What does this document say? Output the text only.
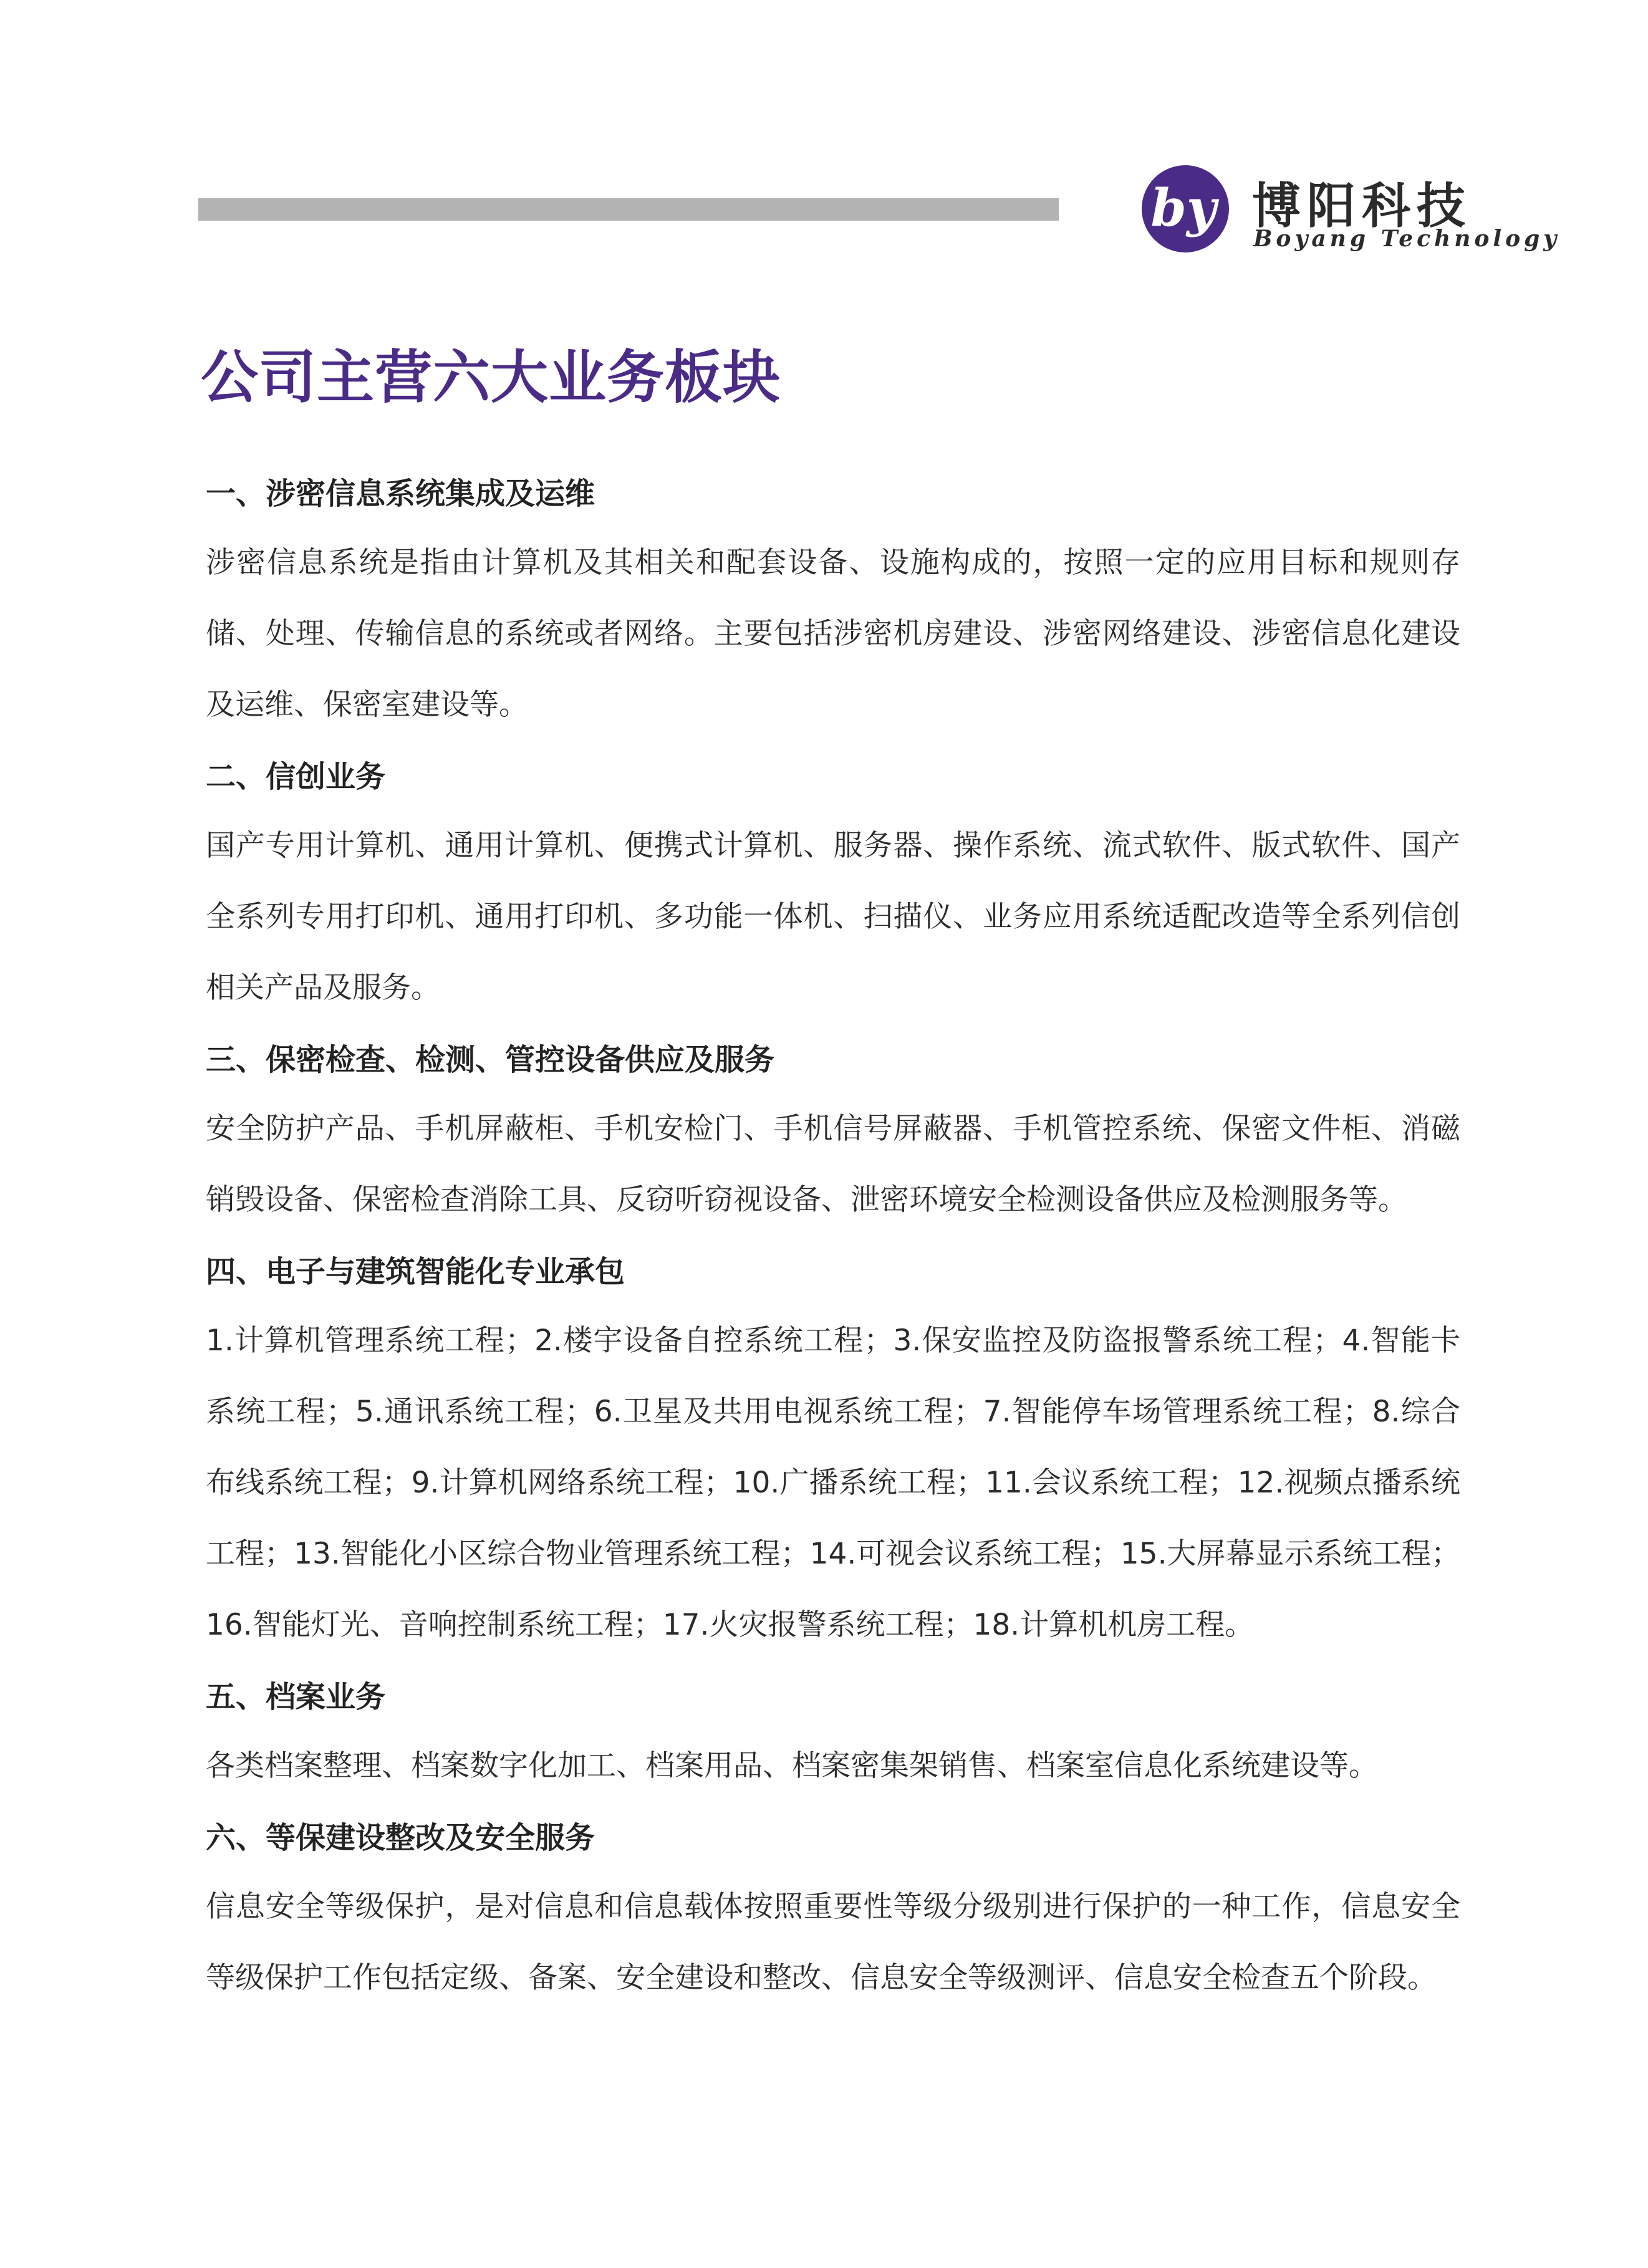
by 博阳科技
Boyang Technology
公司主营六大业务板块
一、涉密信息系统集成及运维

涉密信息系统是指由计算机及其相关和配套设备、设施构成的，按照一定的应用目标和规则存储、处理、传输信息的系统或者网络。主要包括涉密机房建设、涉密网络建设、涉密信息化建设及运维、保密室建设等。

二、信创业务

国产专用计算机、通用计算机、便携式计算机、服务器、操作系统、流式软件、版式软件、国产全系列专用打印机、通用打印机、多功能一体机、扫描仪、业务应用系统适配改造等全系列信创相关产品及服务。

三、保密检查、检测、管控设备供应及服务

安全防护产品、手机屏蔽柜、手机安检门、手机信号屏蔽器、手机管控系统、保密文件柜、消磁销毁设备、保密检查消除工具、反窃听窃视设备、泄密环境安全检测设备供应及检测服务等。

四、电子与建筑智能化专业承包

1.计算机管理系统工程；2.楼宇设备自控系统工程；3.保安监控及防盗报警系统工程；4.智能卡系统工程；5.通讯系统工程；6.卫星及共用电视系统工程；7.智能停车场管理系统工程；8.综合布线系统工程；9.计算机网络系统工程；10.广播系统工程；11.会议系统工程；12.视频点播系统工程；13.智能化小区综合物业管理系统工程；14.可视会议系统工程；15.大屏幕显示系统工程；16.智能灯光、音响控制系统工程；17.火灾报警系统工程；18.计算机机房工程。

五、档案业务

各类档案整理、档案数字化加工、档案用品、档案密集架销售、档案室信息化系统建设等。

六、等保建设整改及安全服务

信息安全等级保护，是对信息和信息载体按照重要性等级分级别进行保护的一种工作，信息安全等级保护工作包括定级、备案、安全建设和整改、信息安全等级测评、信息安全检查五个阶段。
